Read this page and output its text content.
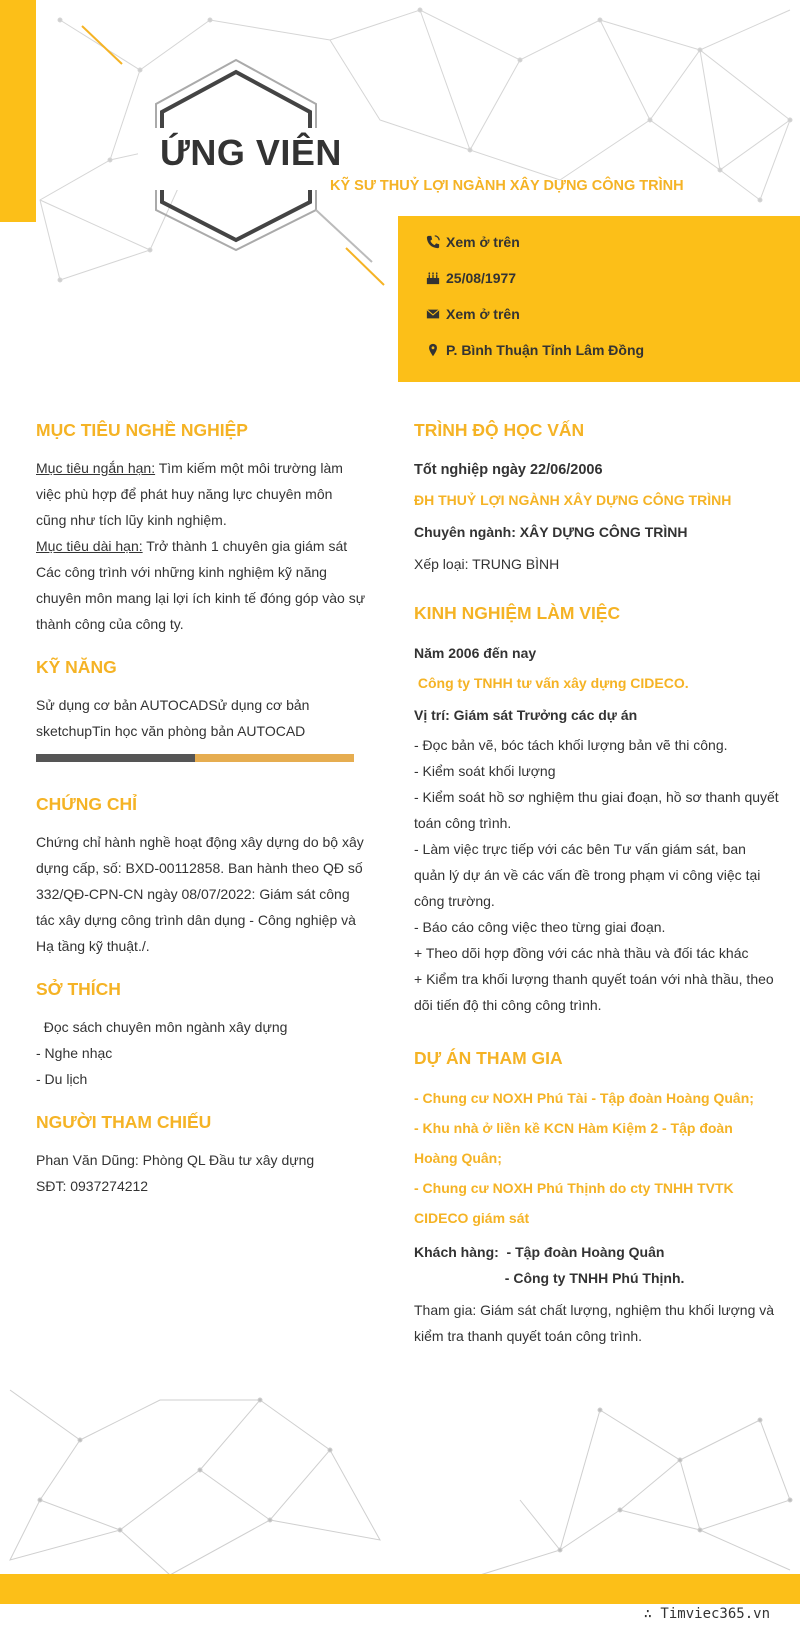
ỨNG VIÊN
KỸ SƯ THUỶ LỢI NGÀNH XÂY DỰNG CÔNG TRÌNH
Xem ở trên
25/08/1977
Xem ở trên
P. Bình Thuận Tỉnh Lâm Đồng
MỤC TIÊU NGHỀ NGHIỆP

Mục tiêu ngắn hạn: Tìm kiếm một môi trường làm việc phù hợp để phát huy năng lực chuyên môn cũng như tích lũy kinh nghiệm.
Mục tiêu dài hạn: Trở thành 1 chuyên gia giám sát Các công trình với những kinh nghiệm kỹ năng chuyên môn mang lại lợi ích kinh tế đóng góp vào sự thành công của công ty.

KỸ NĂNG

Sử dụng cơ bản AUTOCADSử dụng cơ bản sketchupTin học văn phòng bản AUTOCAD

CHỨNG CHỈ

Chứng chỉ hành nghề hoạt động xây dựng do bộ xây dựng cấp, số: BXD-00112858. Ban hành theo QĐ số 332/QĐ-CPN-CN ngày 08/07/2022: Giám sát công tác xây dựng công trình dân dụng - Công nghiệp và Hạ tầng kỹ thuật./.

SỞ THÍCH

Đọc sách chuyên môn ngành xây dựng

- Nghe nhạc

- Du lịch

NGƯỜI THAM CHIẾU

Phan Văn Dũng: Phòng QL Đầu tư xây dựng

SĐT: 0937274212

TRÌNH ĐỘ HỌC VẤN

Tốt nghiệp ngày 22/06/2006

ĐH THUỶ LỢI NGÀNH XÂY DỰNG CÔNG TRÌNH

Chuyên ngành: XÂY DỰNG CÔNG TRÌNH

Xếp loại: TRUNG BÌNH

KINH NGHIỆM LÀM VIỆC

Năm 2006 đến nay

Công ty TNHH tư vấn xây dựng CIDECO.

Vị trí: Giám sát Trưởng các dự án

- Đọc bản vẽ, bóc tách khối lượng bản vẽ thi công.

- Kiểm soát khối lượng

- Kiểm soát hồ sơ nghiệm thu giai đoạn, hồ sơ thanh quyết toán công trình.

- Làm việc trực tiếp với các bên Tư vấn giám sát, ban quản lý dự án về các vấn đề trong phạm vi công việc tại công trường.

- Báo cáo công việc theo từng giai đoạn.

+ Theo dõi hợp đồng với các nhà thầu và đối tác khác

+ Kiểm tra khối lượng thanh quyết toán với nhà thầu, theo dõi tiến độ thi công công trình.

DỰ ÁN THAM GIA

- Chung cư NOXH Phú Tài - Tập đoàn Hoàng Quân;

- Khu nhà ở liền kề KCN Hàm Kiệm 2 - Tập đoàn Hoàng Quân;

- Chung cư NOXH Phú Thịnh do cty TNHH TVTK CIDECO giám sát

Khách hàng: - Tập đoàn Hoàng Quân

- Công ty TNHH Phú Thịnh.

Tham gia: Giám sát chất lượng, nghiệm thu khối lượng và kiểm tra thanh quyết toán công trình.

∴ Timviec365.vn
